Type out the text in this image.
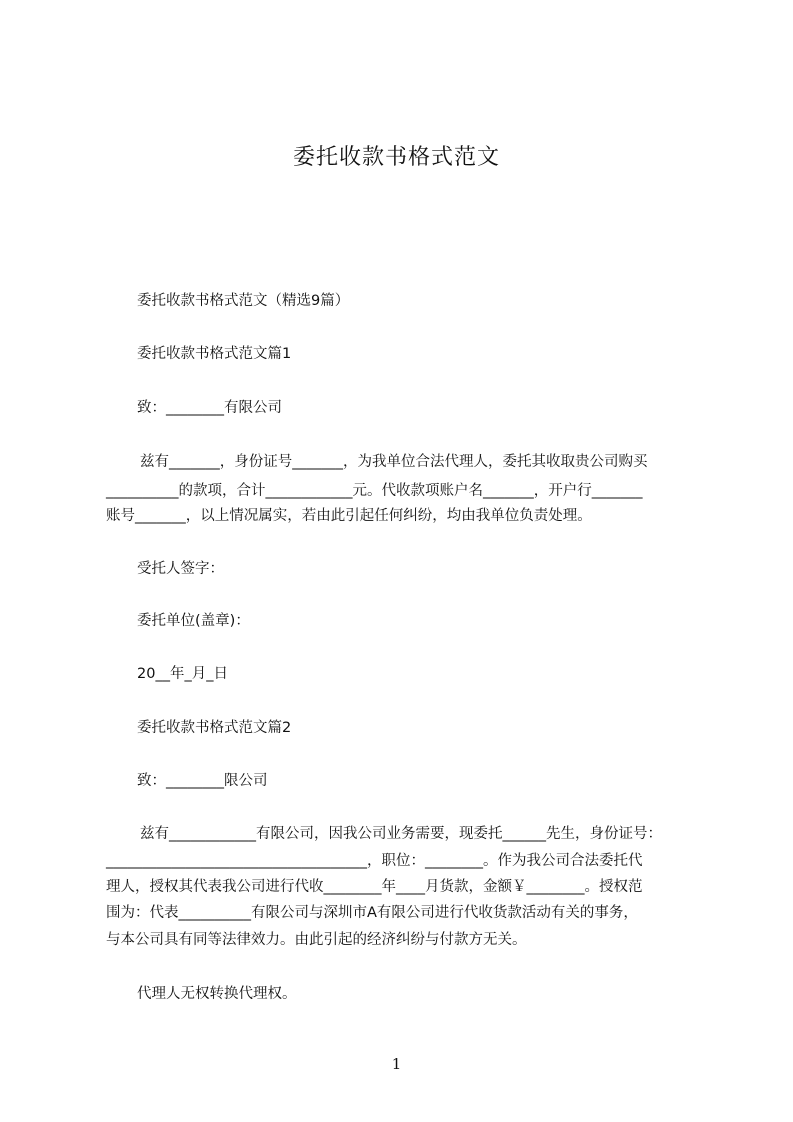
委托收款书格式范文
委托收款书格式范文（精选9篇）
委托收款书格式范文篇1
致：________有限公司
兹有_______，身份证号_______，为我单位合法代理人，委托其收取贵公司购买
__________的款项，合计____________元。代收款项账户名_______，开户行_______
账号_______，以上情况属实，若由此引起任何纠纷，均由我单位负责处理。
受托人签字：
委托单位(盖章)：
20__年_月_日
委托收款书格式范文篇2
致：________限公司
兹有____________有限公司，因我公司业务需要，现委托______先生，身份证号：
____________________________________，职位：________。作为我公司合法委托代
理人，授权其代表我公司进行代收________年____月货款，金额￥________。授权范
围为：代表__________有限公司与深圳市A有限公司进行代收货款活动有关的事务，
与本公司具有同等法律效力。由此引起的经济纠纷与付款方无关。
代理人无权转换代理权。
1
